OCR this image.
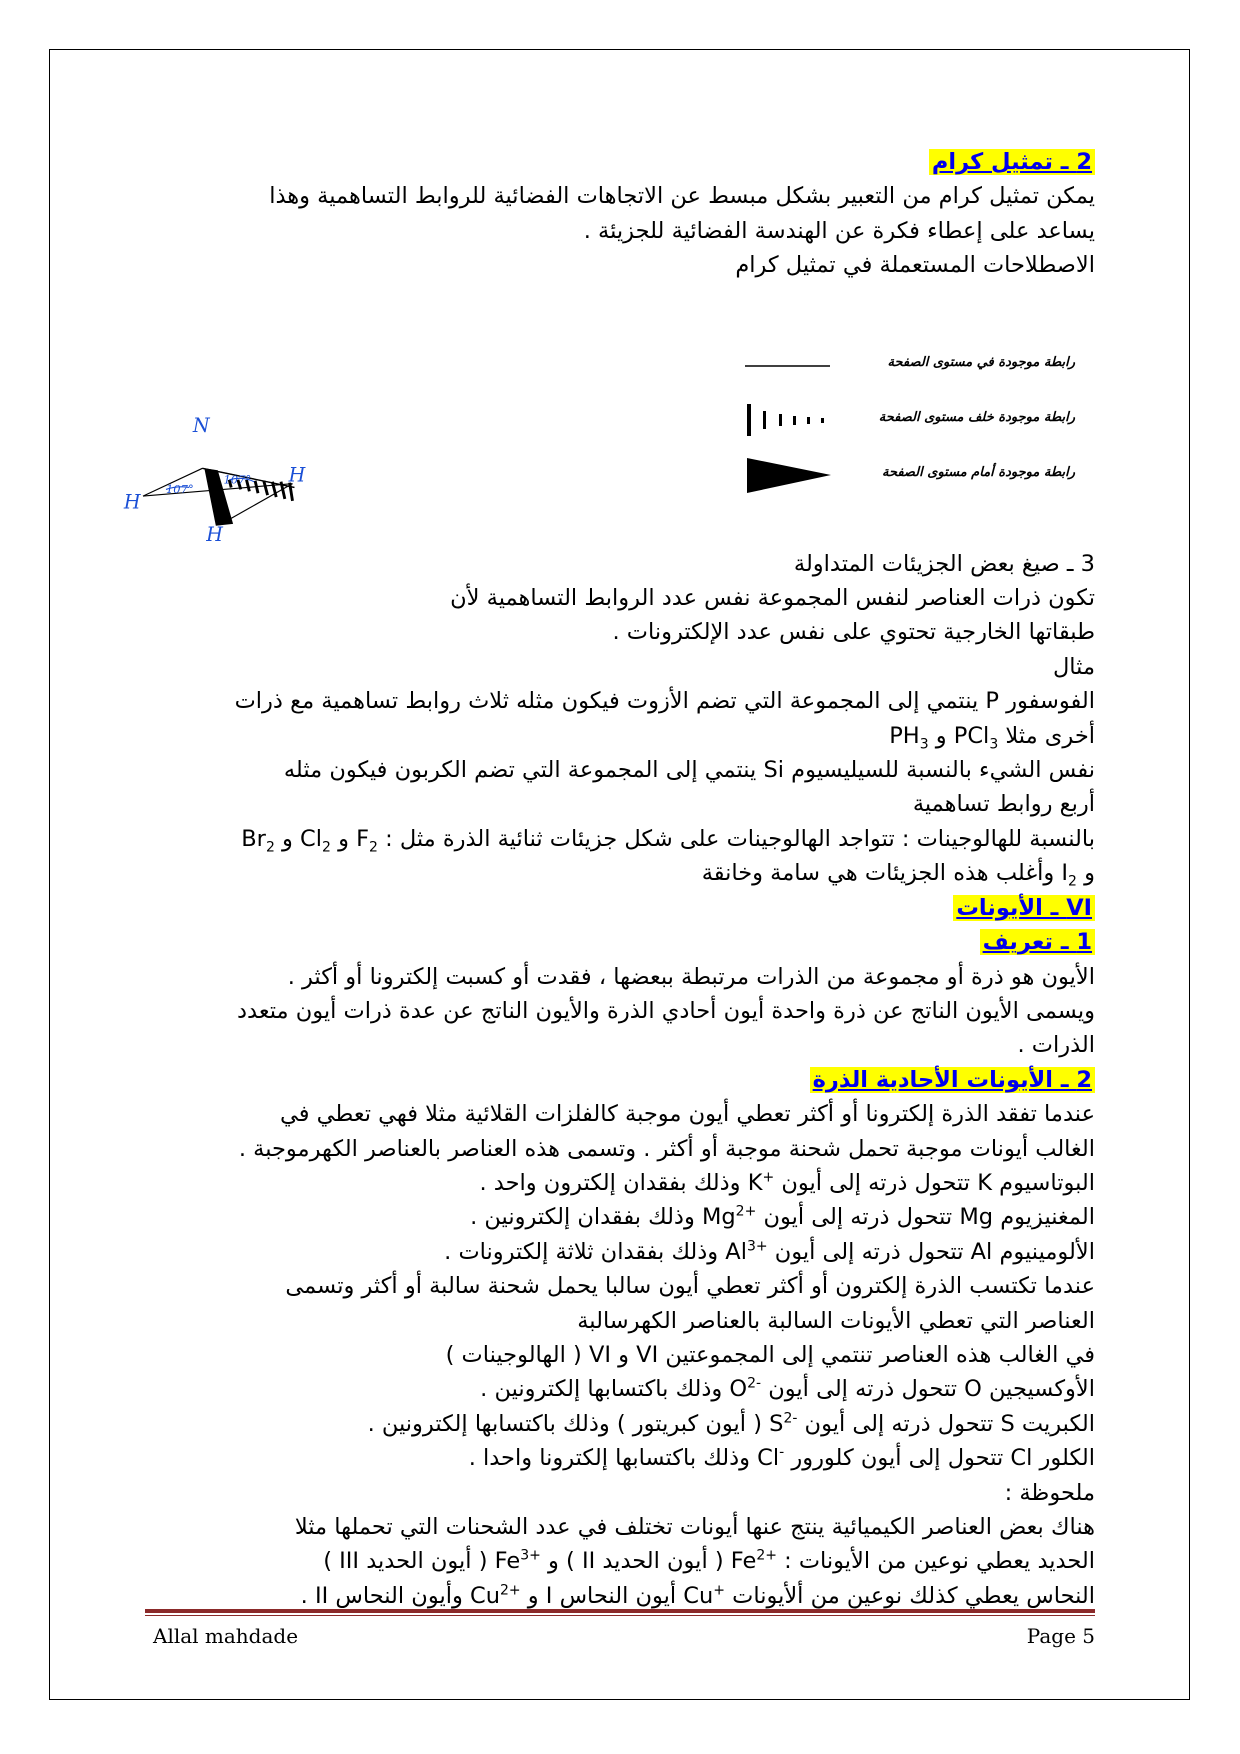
2 ـ تمثيل كرام

يمكن تمثيل كرام من التعبير بشكل مبسط عن الاتجاهات الفضائية للروابط التساهمية وهذا

يساعد على إعطاء فكرة عن الهندسة الفضائية للجزيئة .

الاصطلاحات المستعملة في تمثيل كرام

3 ـ صيغ بعض الجزيئات المتداولة

تكون ذرات العناصر لنفس المجموعة نفس عدد الروابط التساهمية لأن

طبقاتها الخارجية تحتوي على نفس عدد الإلكترونات .

مثال

الفوسفور P ينتمي إلى المجموعة التي تضم الأزوت فيكون مثله ثلاث روابط تساهمية مع ذرات

أخرى مثلا PCl$_3$ و $PH_3$

نفس الشيء بالنسبة للسيليسيوم Si ينتمي إلى المجموعة التي تضم الكربون فيكون مثله

أربع روابط تساهمية

بالنسبة للهالوجينات : تتواجد الهالوجينات على شكل جزيئات ثنائية الذرة مثل : $F_2$ و $Cl_2$ و $Br_2$

و $I_2$ وأغلب هذه الجزيئات هي سامة وخانقة

VI ـ الأيونات

1 ـ تعريف

الأيون هو ذرة أو مجموعة من الذرات مرتبطة ببعضها ، فقدت أو كسبت إلكترونا أو أكثر .

ويسمى الأيون الناتج عن ذرة واحدة أيون أحادي الذرة والأيون الناتج عن عدة ذرات أيون متعدد

الذرات .

2 ـ الأيونات الأحادية الذرة

عندما تفقد الذرة إلكترونا أو أكثر تعطي أيون موجبة كالفلزات القلائية مثلا فهي تعطي في

الغالب أيونات موجبة تحمل شحنة موجبة أو أكثر . وتسمى هذه العناصر بالعناصر الكهرموجبة .

البوتاسيوم K تتحول ذرته إلى أيون K+ وذلك بفقدان إلكترون واحد .

المغنيزيوم Mg تتحول ذرته إلى أيون $Mg^{2+}$ وذلك بفقدان إلكترونين .

الألومينيوم Al تتحول ذرته إلى أيون $Al^{3+}$ وذلك بفقدان ثلاثة إلكترونات .

عندما تكتسب الذرة إلكترون أو أكثر تعطي أيون سالبا يحمل شحنة سالبة أو أكثر وتسمى

العناصر التي تعطي الأيونات السالبة بالعناصر الكهرسالبة

في الغالب هذه العناصر تنتمي إلى المجموعتين VI و VI ( الهالوجينات )

الأوكسيجين O تتحول ذرته إلى أيون $O^{2-}$ وذلك باكتسابها إلكترونين .

الكبريت S تتحول ذرته إلى أيون $S^{2-}$ ( أيون كبريتور ) وذلك باكتسابها إلكترونين .

الكلور Cl تتحول إلى أيون كلورور Cl- وذلك باكتسابها إلكترونا واحدا .

ملحوظة :

هناك بعض العناصر الكيميائية ينتج عنها أيونات تختلف في عدد الشحنات التي تحملها مثلا

الحديد يعطي نوعين من الأيونات : $Fe^{2+}$ ( أيون الحديد II ) و $Fe^{3+}$ ( أيون الحديد III )

النحاس يعطي كذلك نوعين من ألأيونات Cu+ أيون النحاس I و $Cu^{2+}$ وأيون النحاس II .

رابطة موجودة في مستوى الصفحة
رابطة موجودة خلف مستوى الصفحة
رابطة موجودة أمام مستوى الصفحة
N
H
H
H
107°
107°
Allal mahdade	Page 5
